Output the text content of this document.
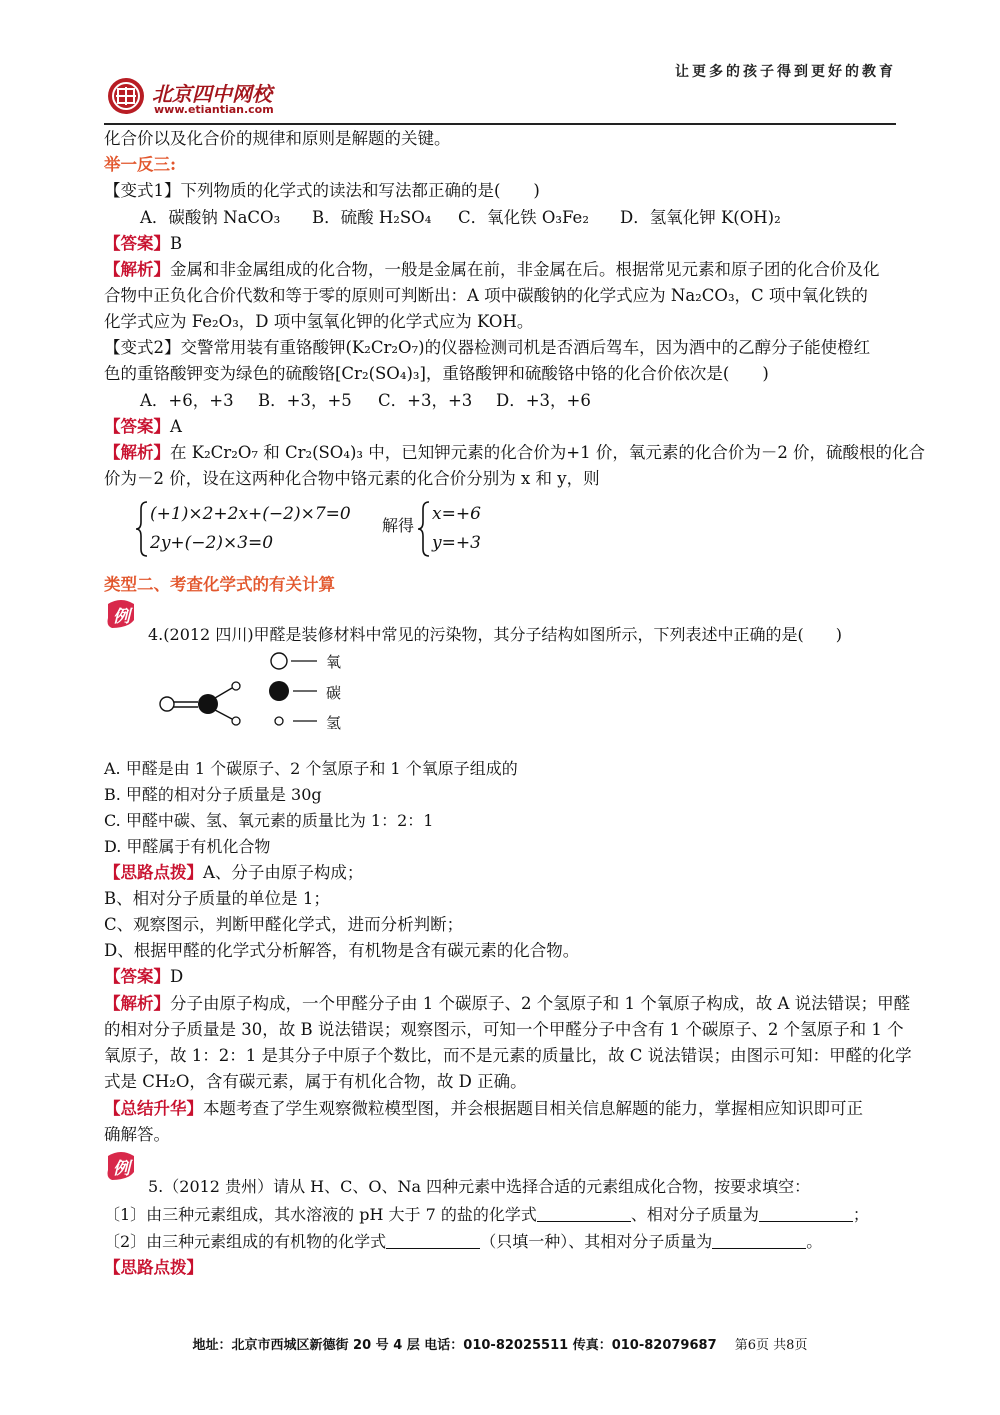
让更多的孩子得到更好的教育
北京四中网校
www.etiantian.com
化合价以及化合价的规律和原则是解题的关键。
举一反三:
【变式1】下列物质的化学式的读法和写法都正确的是(　　)
A．碳酸钠 NaCO₃ B．硫酸 H₂SO₄ C．氧化铁 O₃Fe₂ D．氢氧化钾 K(OH)₂
【答案】B
【解析】金属和非金属组成的化合物，一般是金属在前，非金属在后。根据常见元素和原子团的化合价及化
合物中正负化合价代数和等于零的原则可判断出：A 项中碳酸钠的化学式应为 Na₂CO₃，C 项中氧化铁的
化学式应为 Fe₂O₃，D 项中氢氧化钾的化学式应为 KOH。
【变式2】交警常用装有重铬酸钾(K₂Cr₂O₇)的仪器检测司机是否酒后驾车，因为酒中的乙醇分子能使橙红
色的重铬酸钾变为绿色的硫酸铬[Cr₂(SO₄)₃]，重铬酸钾和硫酸铬中铬的化合价依次是(　　)
A．+6，+3 B．+3，+5 C．+3，+3 D．+3，+6
【答案】A
【解析】在 K₂Cr₂O₇ 和 Cr₂(SO₄)₃ 中，已知钾元素的化合价为+1 价，氧元素的化合价为－2 价，硫酸根的化合
价为－2 价，设在这两种化合物中铬元素的化合价分别为 x 和 y，则
(+1)×2+2x+(−2)×7=0
2y+(−2)×3=0
解得
x=+6
y=+3
类型二、考查化学式的有关计算
例
4.(2012 四川)甲醛是装修材料中常见的污染物，其分子结构如图所示，下列表述中正确的是(　　)
氧
碳
氢
A. 甲醛是由 1 个碳原子、2 个氢原子和 1 个氧原子组成的
B. 甲醛的相对分子质量是 30g
C. 甲醛中碳、氢、氧元素的质量比为 1：2：1
D. 甲醛属于有机化合物
【思路点拨】A、分子由原子构成；
B、相对分子质量的单位是 1；
C、观察图示，判断甲醛化学式，进而分析判断；
D、根据甲醛的化学式分析解答，有机物是含有碳元素的化合物。
【答案】D
【解析】分子由原子构成，一个甲醛分子由 1 个碳原子、2 个氢原子和 1 个氧原子构成，故 A 说法错误；甲醛
的相对分子质量是 30，故 B 说法错误；观察图示，可知一个甲醛分子中含有 1 个碳原子、2 个氢原子和 1 个
氧原子，故 1：2：1 是其分子中原子个数比，而不是元素的质量比，故 C 说法错误；由图示可知：甲醛的化学
式是 CH₂O，含有碳元素，属于有机化合物，故 D 正确。
【总结升华】本题考查了学生观察微粒模型图，并会根据题目相关信息解题的能力，掌握相应知识即可正
确解答。
例
5.（2012 贵州）请从 H、C、O、Na 四种元素中选择合适的元素组成化合物，按要求填空：
〔1〕由三种元素组成，其水溶液的 pH 大于 7 的盐的化学式	、相对分子质量为	；
〔2〕由三种元素组成的有机物的化学式	（只填一种）、其相对分子质量为	。
【思路点拨】
地址：北京市西城区新德街 20 号 4 层 电话：010-82025511 传真：010-82079687 第6页 共8页
